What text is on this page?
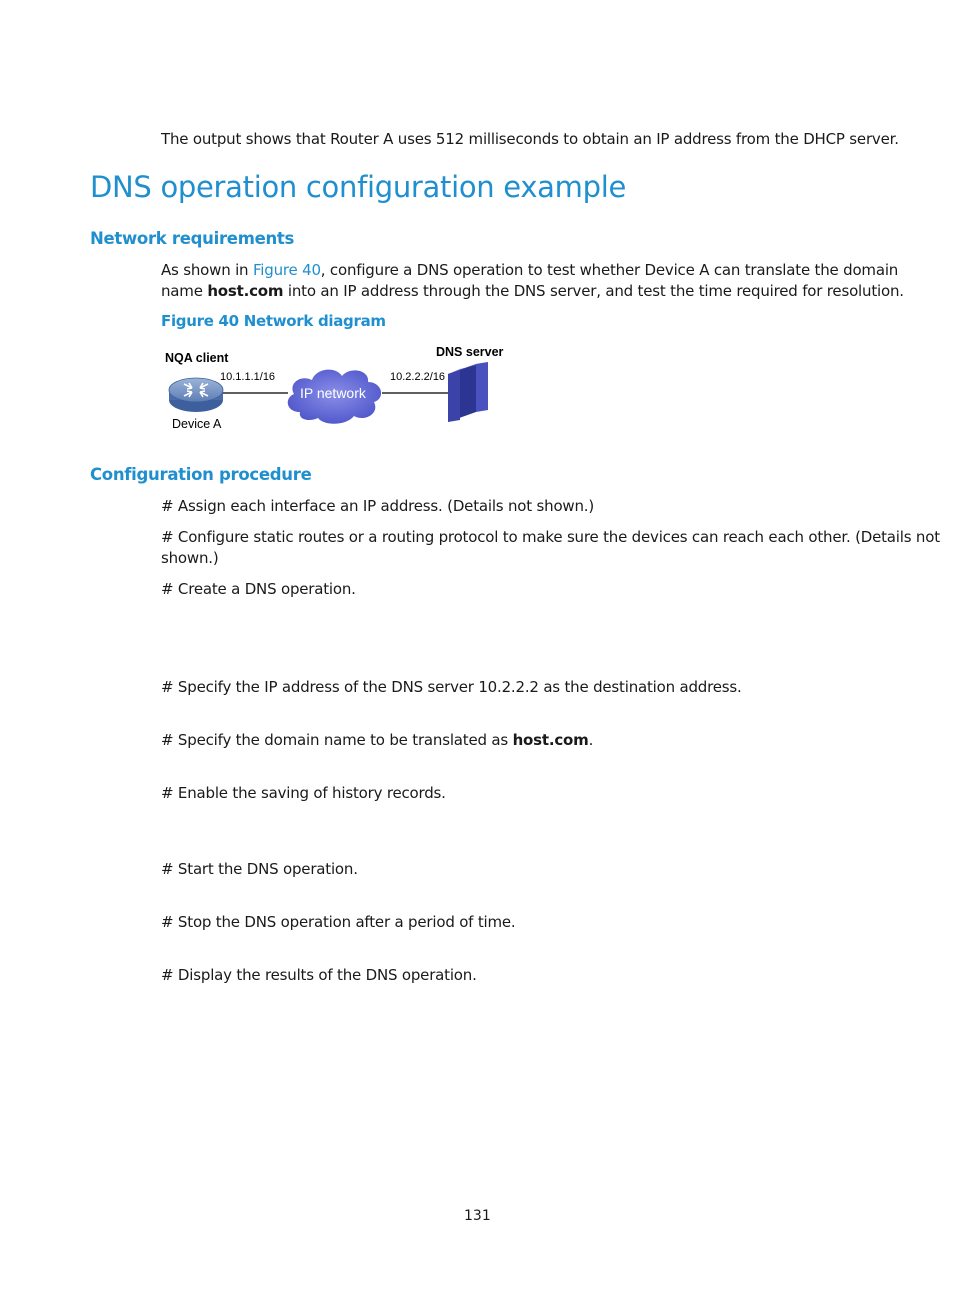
The output shows that Router A uses 512 milliseconds to obtain an IP address from the DHCP server.
DNS operation configuration example
Network requirements
As shown in Figure 40, configure a DNS operation to test whether Device A can translate the domain
name host.com into an IP address through the DNS server, and test the time required for resolution.
Figure 40 Network diagram
NQA client
10.1.1.1/16
Device A
IP network
10.2.2.2/16
DNS server
Configuration procedure
# Assign each interface an IP address. (Details not shown.)
# Configure static routes or a routing protocol to make sure the devices can reach each other. (Details not
shown.)
# Create a DNS operation.
# Specify the IP address of the DNS server 10.2.2.2 as the destination address.
# Specify the domain name to be translated as host.com.
# Enable the saving of history records.
# Start the DNS operation.
# Stop the DNS operation after a period of time.
# Display the results of the DNS operation.
131
